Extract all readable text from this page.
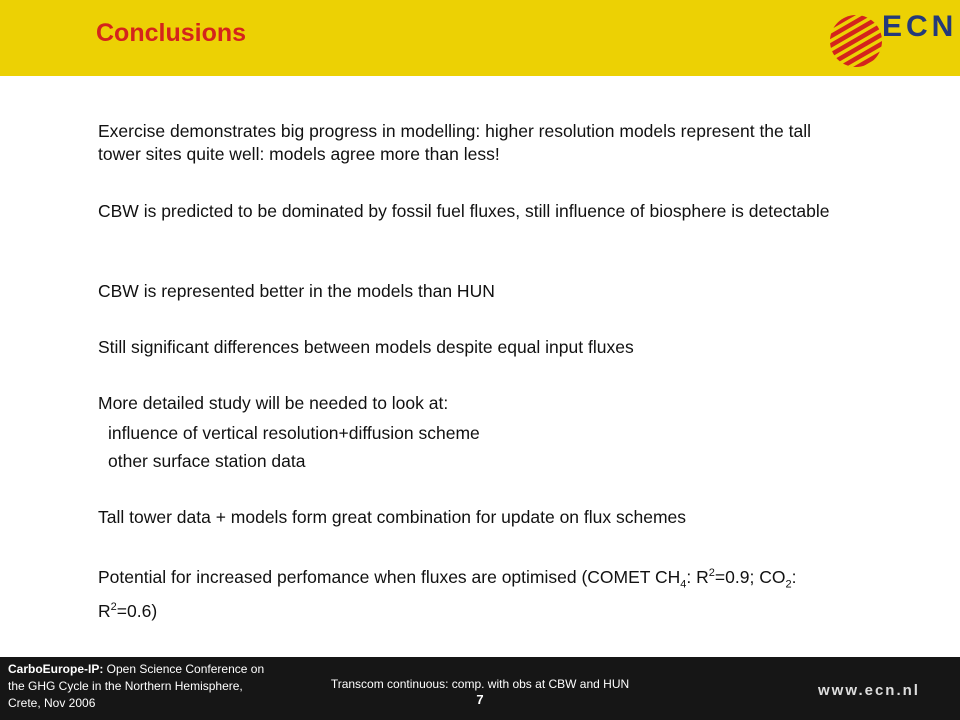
Conclusions	ECN
Exercise demonstrates big progress in modelling: higher resolution models represent the tall tower sites quite well: models agree more than less!
CBW is predicted to be dominated by fossil fuel fluxes, still influence of biosphere is detectable
CBW is represented better in the models than HUN
Still significant differences between models despite equal input fluxes
More detailed study will be needed to look at:
influence of vertical resolution+diffusion scheme
other surface station data
Tall tower data + models form great combination for update on flux schemes
Potential for increased perfomance when fluxes are optimised (COMET $CH_4$: $R^2=0.9$; $CO_2$: $R^2=0.6$)
CarboEurope-IP: Open Science Conference on the GHG Cycle in the Northern Hemisphere, Crete, Nov 2006
Transcom continuous: comp. with obs at CBW and HUN
7
www.ecn.nl
